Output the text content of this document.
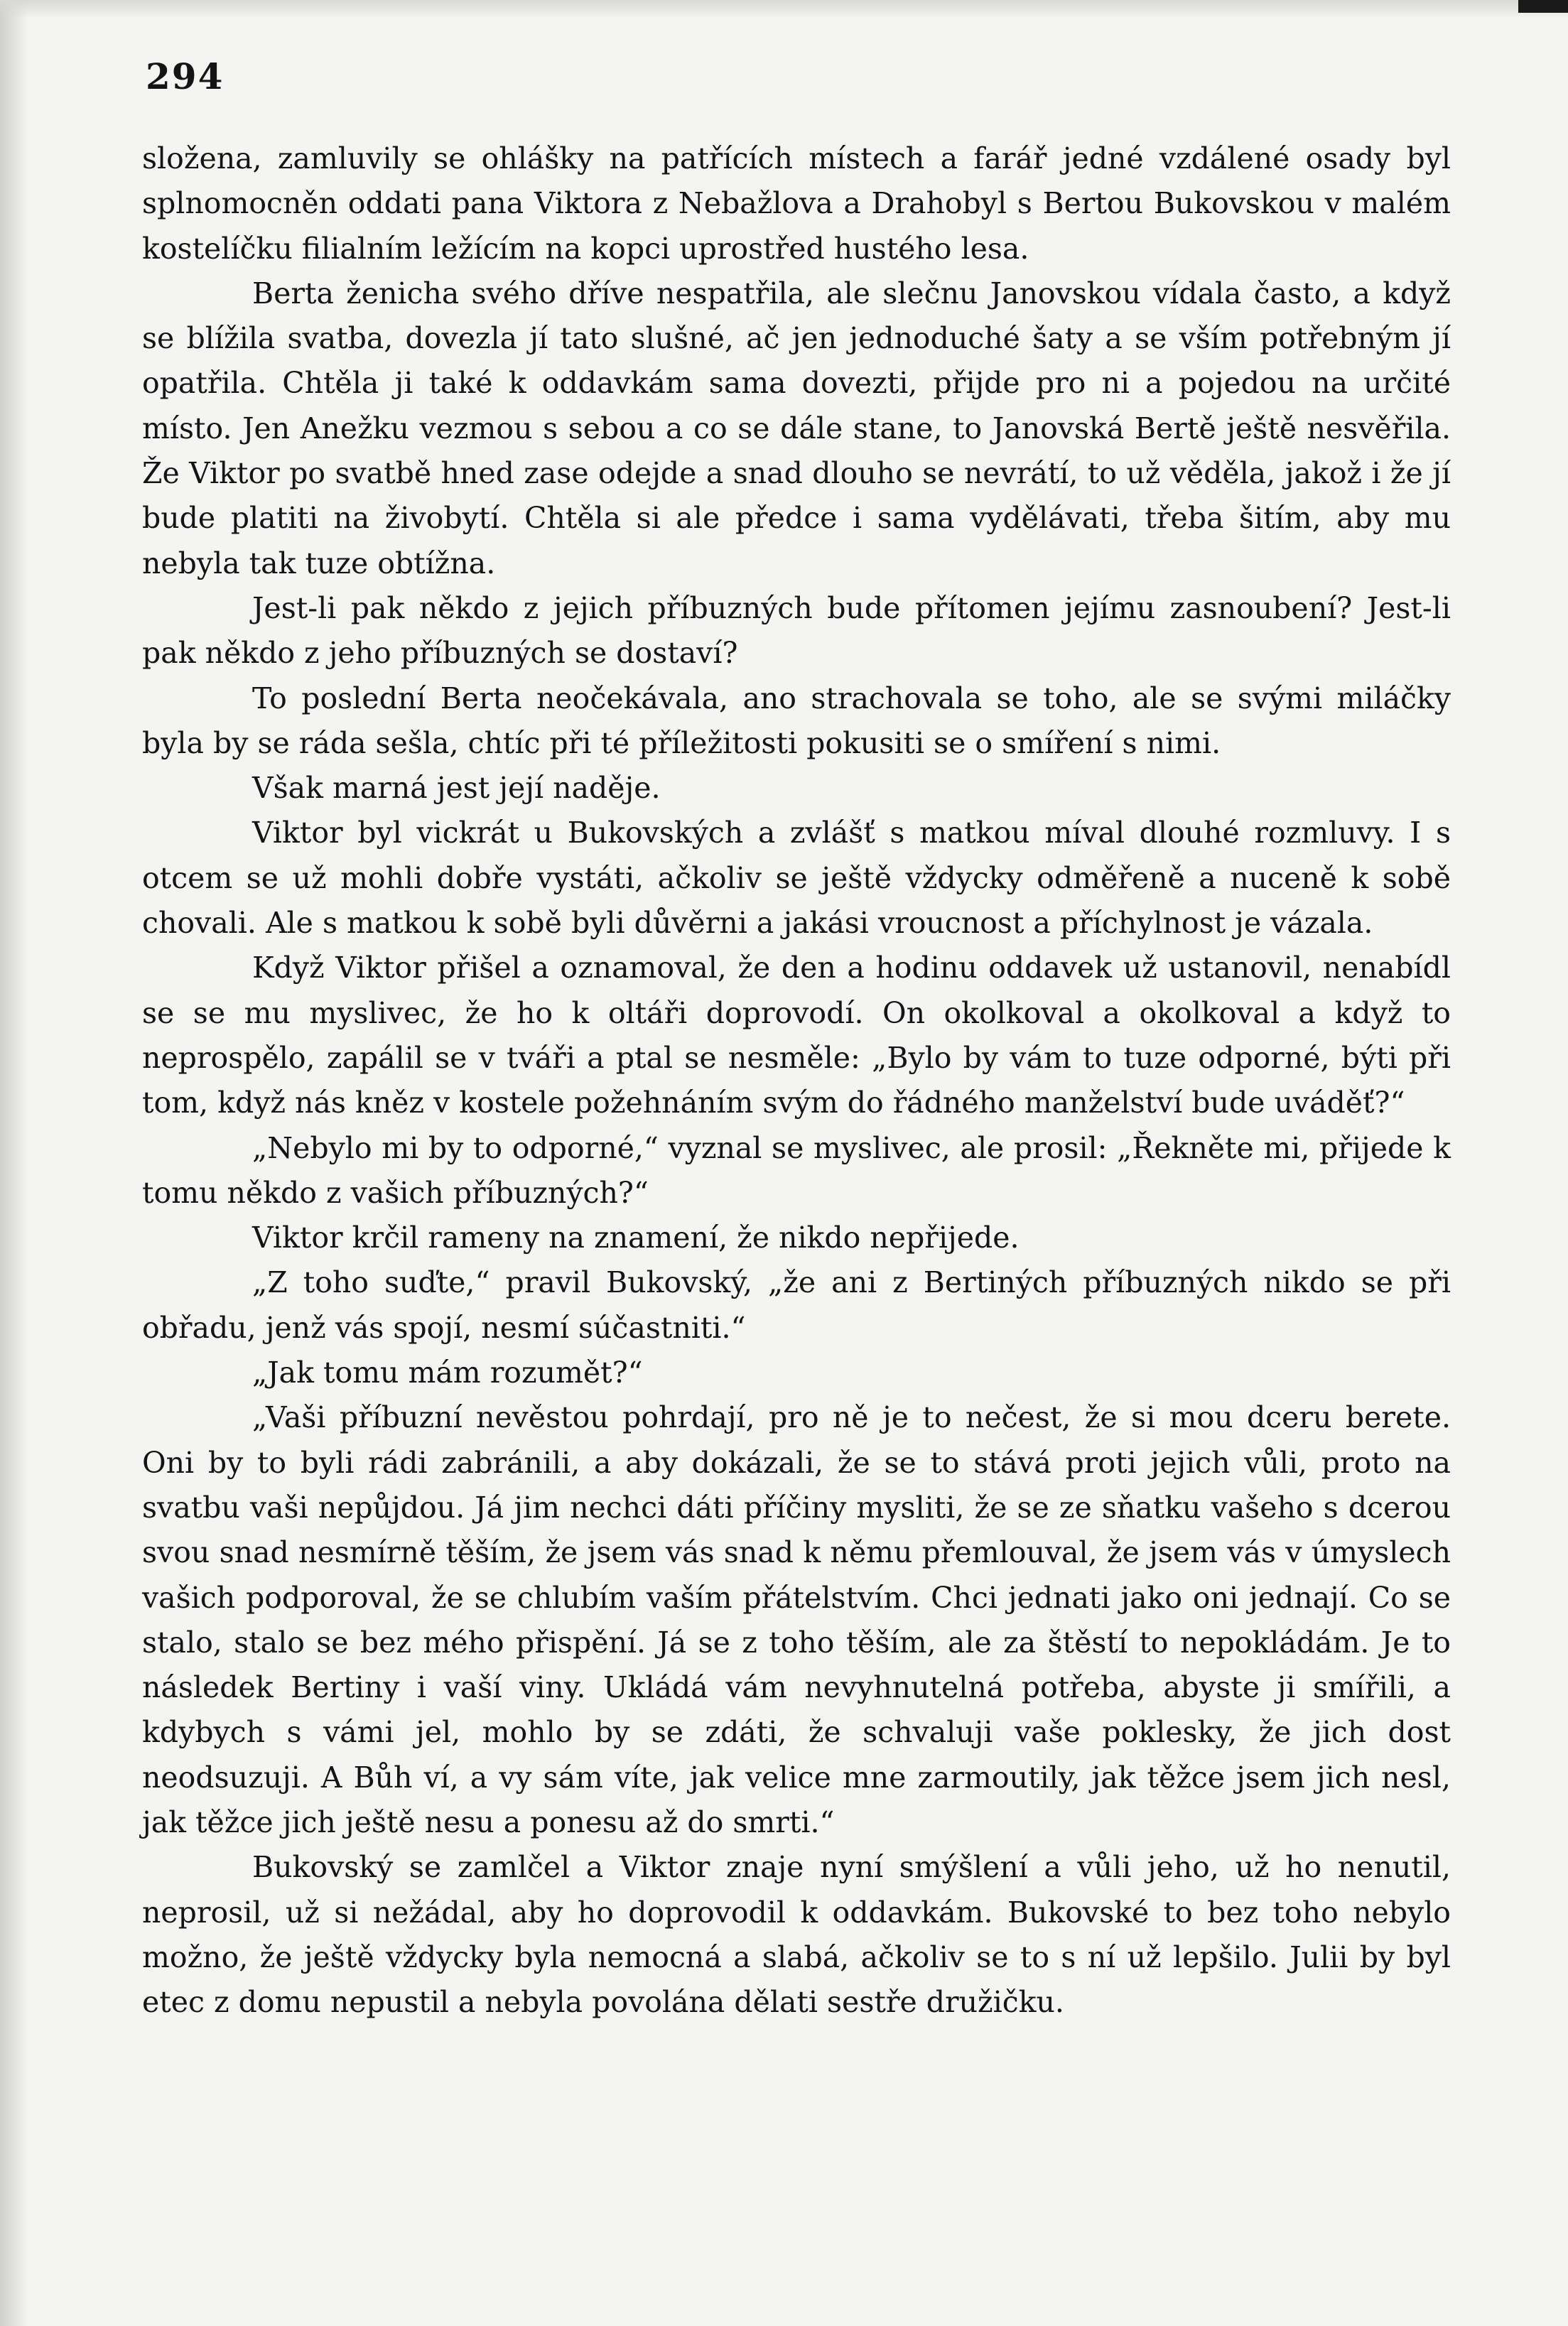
294

složena, zamluvily se ohlášky na patřících místech a farář jedné vzdálené osady byl splnomocněn oddati pana Viktora z Nebažlova a Drahobyl s Bertou Bukovskou v malém kostelíčku filialním ležícím na kopci uprostřed hustého lesa.

Berta ženicha svého dříve nespatřila, ale slečnu Janovskou vídala často, a když se blížila svatba, dovezla jí tato slušné, ač jen jednoduché šaty a se vším potřebným jí opatřila. Chtěla ji také k oddavkám sama dovezti, přijde pro ni a pojedou na určité místo. Jen Anežku vezmou s sebou a co se dále stane, to Janovská Bertě ještě nesvěřila. Že Viktor po svatbě hned zase odejde a snad dlouho se nevrátí, to už věděla, jakož i že jí bude platiti na živobytí. Chtěla si ale předce i sama vydělávati, třeba šitím, aby mu nebyla tak tuze obtížna.

Jest-li pak někdo z jejich příbuzných bude přítomen jejímu zasnoubení? Jest-li pak někdo z jeho příbuzných se dostaví?

To poslední Berta neočekávala, ano strachovala se toho, ale se svými miláčky byla by se ráda sešla, chtíc při té příležitosti pokusiti se o smíření s nimi.

Však marná jest její naděje.

Viktor byl vickrát u Bukovských a zvlášť s matkou míval dlouhé rozmluvy. I s otcem se už mohli dobře vystáti, ačkoliv se ještě vždycky odměřeně a nuceně k sobě chovali. Ale s matkou k sobě byli důvěrni a jakási vroucnost a příchylnost je vázala.

Když Viktor přišel a oznamoval, že den a hodinu oddavek už ustanovil, nenabídl se se mu myslivec, že ho k oltáři doprovodí. On okolkoval a okolkoval a když to neprospělo, zapálil se v tváři a ptal se nesměle: „Bylo by vám to tuze odporné, býti při tom, když nás kněz v kostele požehnáním svým do řádného manželství bude uváděť?“

„Nebylo mi by to odporné,“ vyznal se myslivec, ale prosil: „Řekněte mi, přijede k tomu někdo z vašich příbuzných?“

Viktor krčil rameny na znamení, že nikdo nepřijede.

„Z toho suďte,“ pravil Bukovský, „že ani z Bertiných příbuzných nikdo se při obřadu, jenž vás spojí, nesmí súčastniti.“

„Jak tomu mám rozumět?“

„Vaši příbuzní nevěstou pohrdají, pro ně je to nečest, že si mou dceru berete. Oni by to byli rádi zabránili, a aby dokázali, že se to stává proti jejich vůli, proto na svatbu vaši nepůjdou. Já jim nechci dáti příčiny mysliti, že se ze sňatku vašeho s dcerou svou snad nesmírně těším, že jsem vás snad k němu přemlouval, že jsem vás v úmyslech vašich podporoval, že se chlubím vaším přátelstvím. Chci jednati jako oni jednají. Co se stalo, stalo se bez mého přispění. Já se z toho těším, ale za štěstí to nepokládám. Je to následek Bertiny i vaší viny. Ukládá vám nevyhnutelná potřeba, abyste ji smířili, a kdybych s vámi jel, mohlo by se zdáti, že schvaluji vaše poklesky, že jich dost neodsuzuji. A Bůh ví, a vy sám víte, jak velice mne zarmoutily, jak těžce jsem jich nesl, jak těžce jich ještě nesu a ponesu až do smrti.“

Bukovský se zamlčel a Viktor znaje nyní smýšlení a vůli jeho, už ho nenutil, neprosil, už si nežádal, aby ho doprovodil k oddavkám. Bukovské to bez toho nebylo možno, že ještě vždycky byla nemocná a slabá, ačkoliv se to s ní už lepšilo. Julii by byl etec z domu nepustil a nebyla povolána dělati sestře družičku.
